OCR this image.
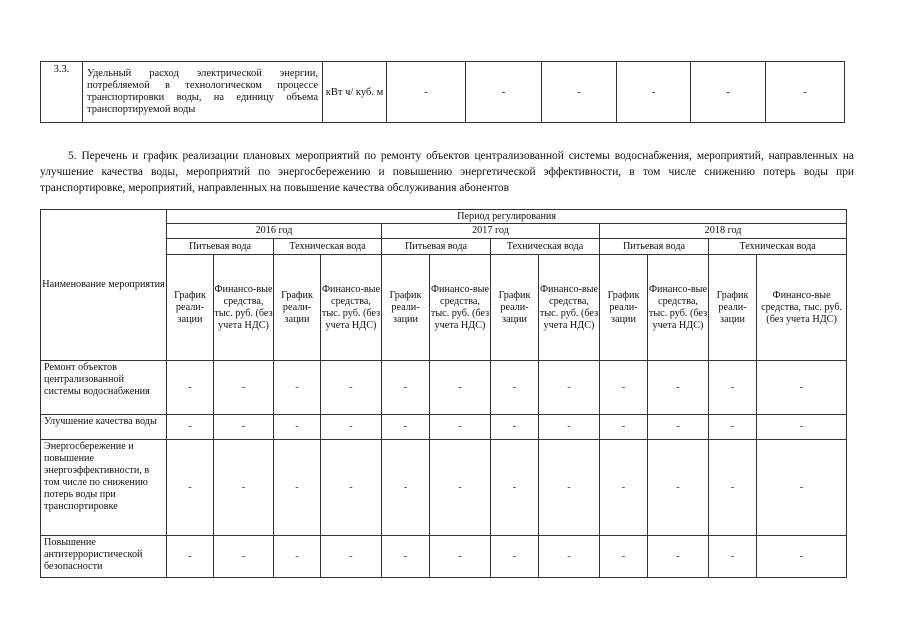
3.3.	Удельный расход электрической энергии, потребляемой в технологическом процессе транспортировки воды, на единицу объема транспортируемой воды	кВт ч/ куб. м	-	-	-	-	-	-

5. Перечень и график реализации плановых мероприятий по ремонту объектов централизованной системы водоснабжения, мероприятий, направленных на улучшение качества воды, мероприятий по энергосбережению и повышению энергетической эффективности, в том числе снижению потерь воды при транспортировке, мероприятий, направленных на повышение качества обслуживания абонентов

Наименование мероприятия	Период регулирования											
	2016 год				2017 год				2018 год			
	Питьевая вода		Техническая вода		Питьевая вода		Техническая вода		Питьевая вода		Техническая вода	
	График реали-зации	Финансо-вые средства, тыс. руб. (без учета НДС)	График реали-зации	Финансо-вые средства, тыс. руб. (без учета НДС)	График реали-зации	Финансо-вые средства, тыс. руб. (без учета НДС)	График реали-зации	Финансо-вые средства, тыс. руб. (без учета НДС)	График реали-зации	Финансо-вые средства, тыс. руб. (без учета НДС)	График реали-зации	Финансо-вые средства, тыс. руб. (без учета НДС)
Ремонт объектов централизованной системы водоснабжения	-	-	-	-	-	-	-	-	-	-	-	-
Улучшение качества воды	-	-	-	-	-	-	-	-	-	-	-	-
Энергосбережение и повышение энергоэффективности, в том числе по снижению потерь воды при транспортировке	-	-	-	-	-	-	-	-	-	-	-	-
Повышение антитеррористической безопасности	-	-	-	-	-	-	-	-	-	-	-	-
